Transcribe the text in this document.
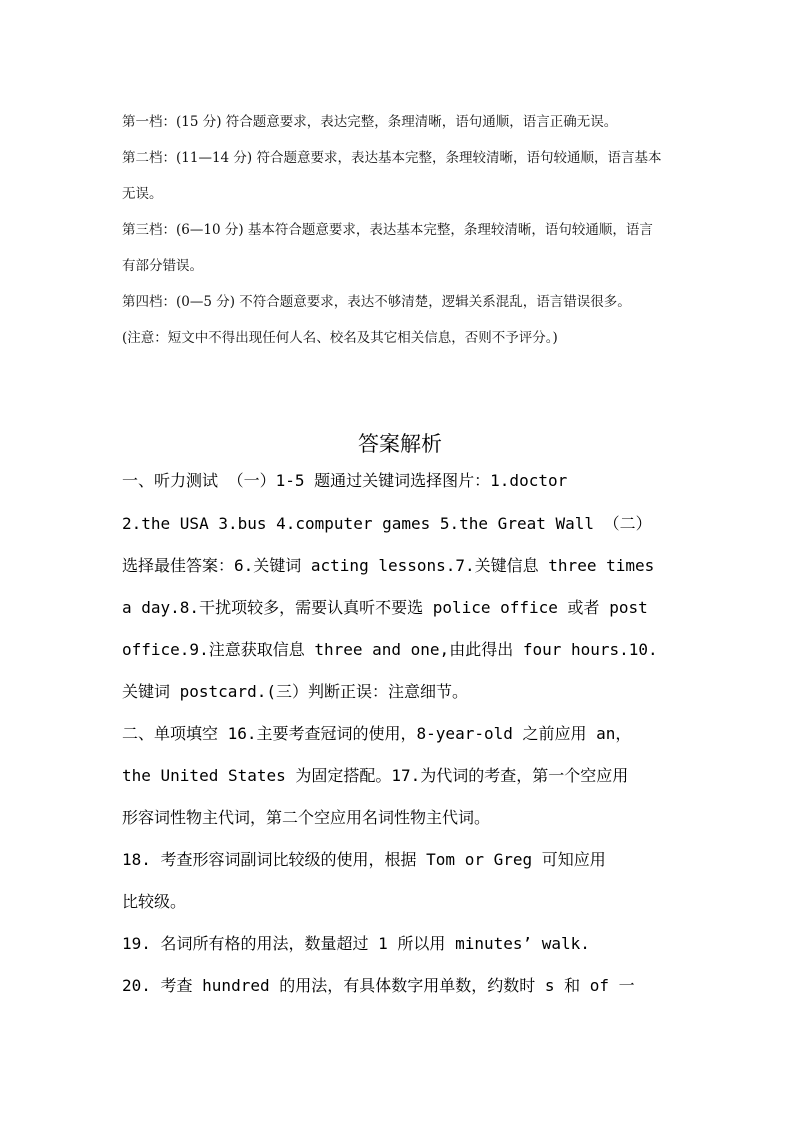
第一档：(15 分) 符合题意要求，表达完整，条理清晰，语句通顺，语言正确无误。
第二档：(11—14 分) 符合题意要求，表达基本完整，条理较清晰，语句较通顺，语言基本
无误。
第三档：(6—10 分) 基本符合题意要求，表达基本完整，条理较清晰，语句较通顺，语言
有部分错误。
第四档：(0—5 分) 不符合题意要求，表达不够清楚，逻辑关系混乱，语言错误很多。
(注意：短文中不得出现任何人名、校名及其它相关信息，否则不予评分。)
答案解析
一、听力测试 （一）1-5 题通过关键词选择图片：1.doctor
2.the USA 3.bus 4.computer games 5.the Great Wall （二）
选择最佳答案：6.关键词 acting lessons.7.关键信息 three times
a day.8.干扰项较多，需要认真听不要选 police office 或者 post
office.9.注意获取信息 three and one,由此得出 four hours.10.
关键词 postcard.(三）判断正误：注意细节。
二、单项填空 16.主要考查冠词的使用，8-year-old 之前应用 an，
the United States 为固定搭配。17.为代词的考查，第一个空应用
形容词性物主代词，第二个空应用名词性物主代词。
18. 考查形容词副词比较级的使用，根据 Tom or Greg 可知应用
比较级。
19. 名词所有格的用法，数量超过 1 所以用 minutes’ walk.
20. 考查 hundred 的用法，有具体数字用单数，约数时 s 和 of 一
